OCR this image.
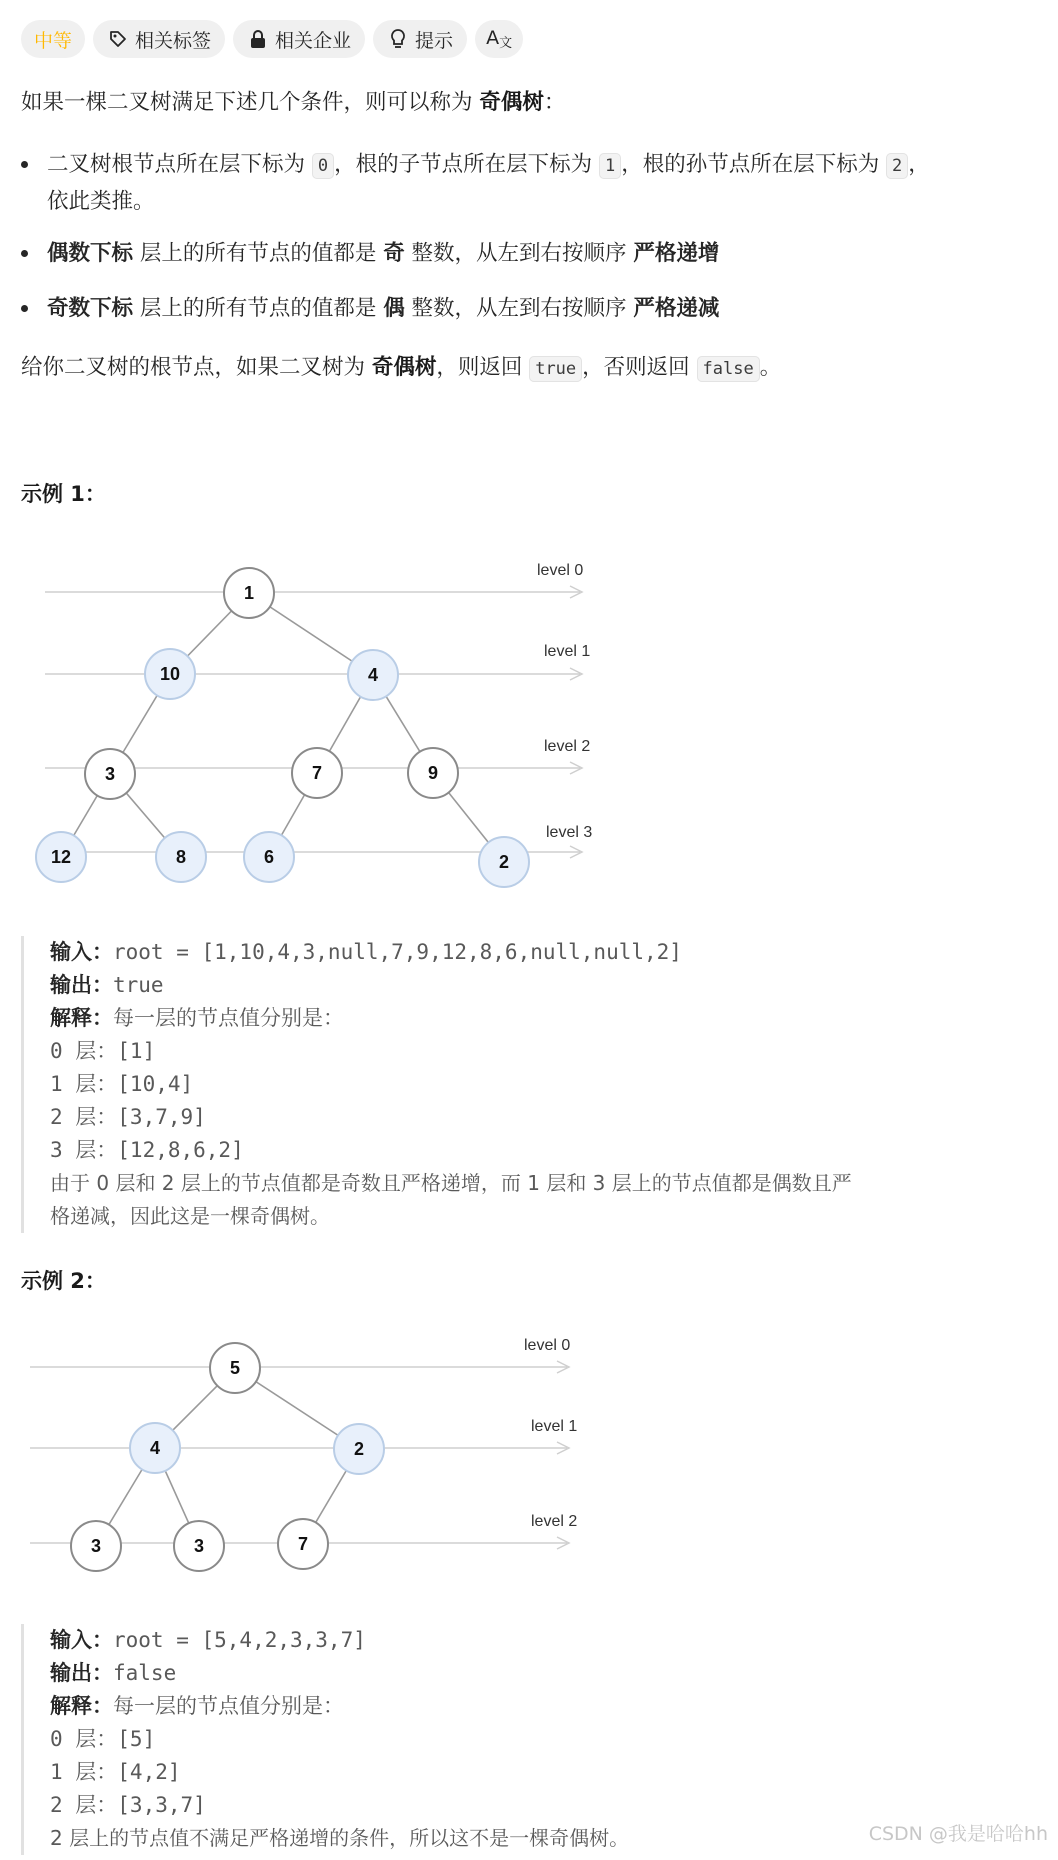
中等	相关标签	相关企业	提示 A文
如果一棵二叉树满足下述几个条件，则可以称为 奇偶树：
二叉树根节点所在层下标为 0 ，根的子节点所在层下标为 1 ，根的孙节点所在层下标为 2 ，
依此类推。
偶数下标 层上的所有节点的值都是 奇 整数，从左到右按顺序 严格递增
奇数下标 层上的所有节点的值都是 偶 整数，从左到右按顺序 严格递减
给你二叉树的根节点，如果二叉树为 奇偶树，则返回 true ，否则返回 false 。
示例 1：
level 0
level 1
level 2
level 3
1
10	4
3	7	9
12	8	6	2
输入：root = [1,10,4,3,null,7,9,12,8,6,null,null,2]
输出：true
解释：每一层的节点值分别是：
0 层：[1]
1 层：[10,4]
2 层：[3,7,9]
3 层：[12,8,6,2]
由于 0 层和 2 层上的节点值都是奇数且严格递增，而 1 层和 3 层上的节点值都是偶数且严
格递减，因此这是一棵奇偶树。
示例 2：
level 0
level 1
level 2
5
4	2
3	3	7
输入：root = [5,4,2,3,3,7]
输出：false
解释：每一层的节点值分别是：
0 层：[5]
1 层：[4,2]
2 层：[3,3,7]
2 层上的节点值不满足严格递增的条件，所以这不是一棵奇偶树。	CSDN @我是哈哈hh
